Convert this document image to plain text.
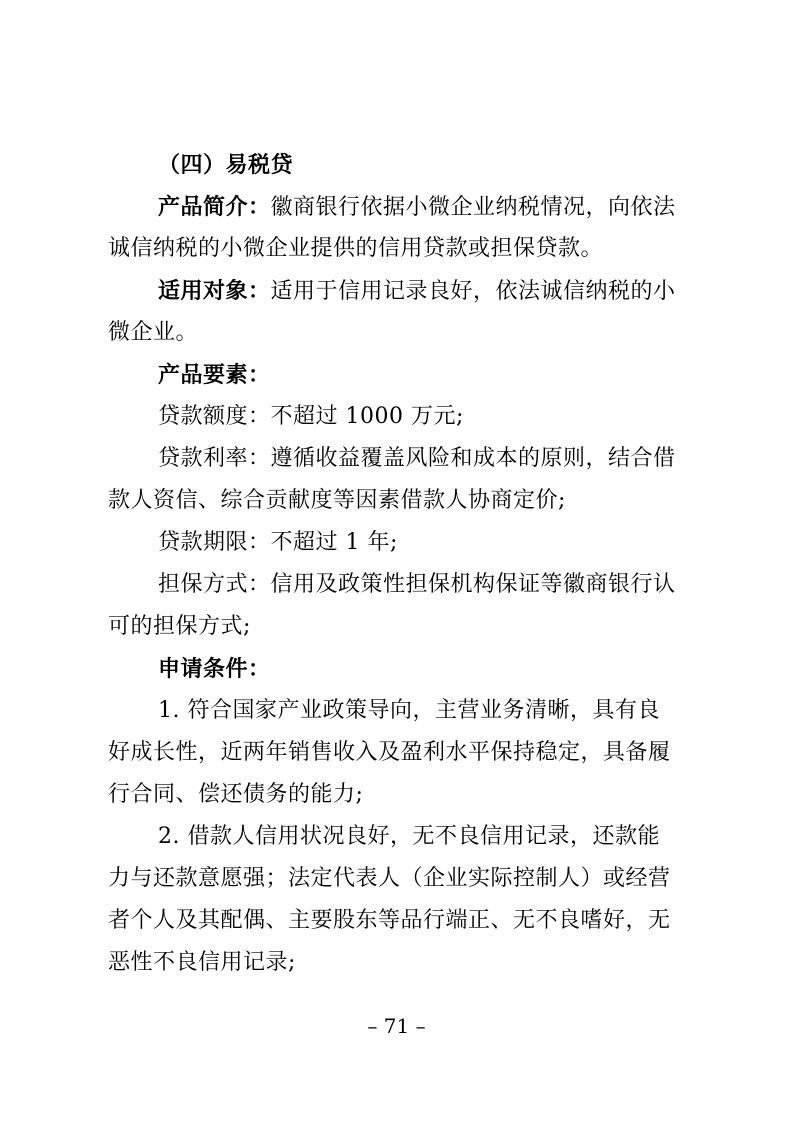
（四）易税贷
产品简介：徽商银行依据小微企业纳税情况，向依法
诚信纳税的小微企业提供的信用贷款或担保贷款。
适用对象：适用于信用记录良好，依法诚信纳税的小
微企业。
产品要素：
贷款额度：不超过 1000 万元;
贷款利率：遵循收益覆盖风险和成本的原则，结合借
款人资信、综合贡献度等因素借款人协商定价;
贷款期限：不超过 1 年;
担保方式：信用及政策性担保机构保证等徽商银行认
可的担保方式;
申请条件：
1. 符合国家产业政策导向，主营业务清晰，具有良
好成长性，近两年销售收入及盈利水平保持稳定，具备履
行合同、偿还债务的能力;
2. 借款人信用状况良好，无不良信用记录，还款能
力与还款意愿强；法定代表人（企业实际控制人）或经营
者个人及其配偶、主要股东等品行端正、无不良嗜好，无
恶性不良信用记录;
– 71 –
